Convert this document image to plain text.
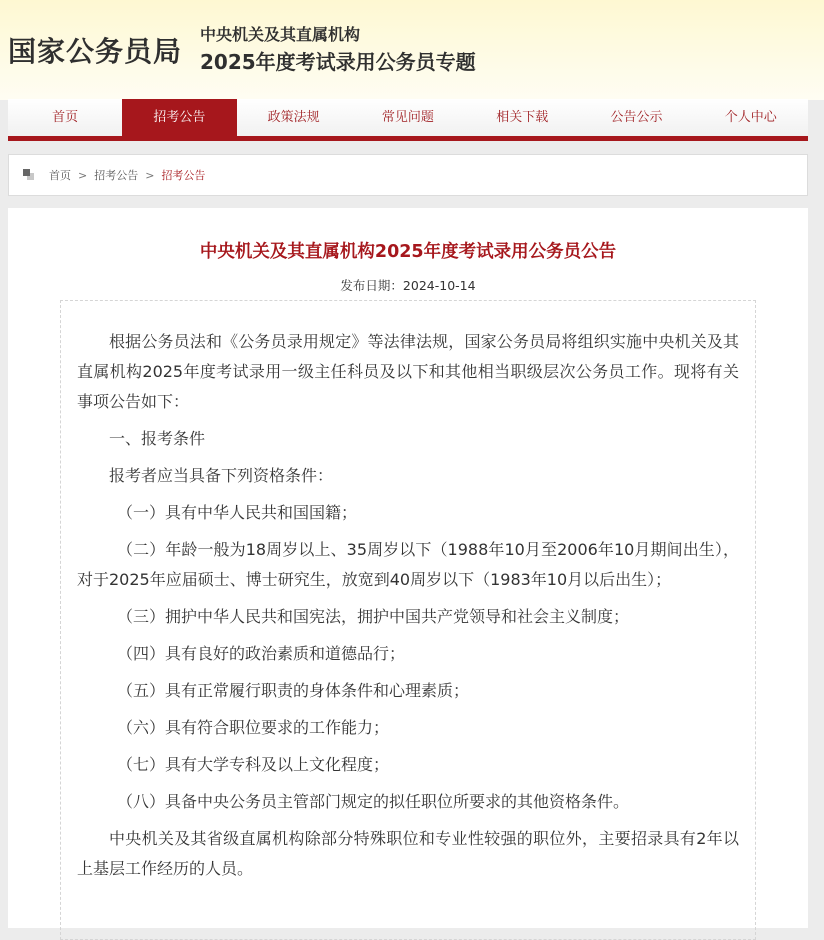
国家公务员局
中央机关及其直属机构
2025年度考试录用公务员专题
首页	招考公告	政策法规	常见问题	相关下载	公告公示	个人中心
首页 > 招考公告 > 招考公告
中央机关及其直属机构2025年度考试录用公务员公告
发布日期：2024-10-14

根据公务员法和《公务员录用规定》等法律法规，国家公务员局将组织实施中央机关及其直属机构2025年度考试录用一级主任科员及以下和其他相当职级层次公务员工作。现将有关事项公告如下：

一、报考条件

报考者应当具备下列资格条件：

（一）具有中华人民共和国国籍；

（二）年龄一般为18周岁以上、35周岁以下（1988年10月至2006年10月期间出生），对于2025年应届硕士、博士研究生，放宽到40周岁以下（1983年10月以后出生）；

（三）拥护中华人民共和国宪法，拥护中国共产党领导和社会主义制度；

（四）具有良好的政治素质和道德品行；

（五）具有正常履行职责的身体条件和心理素质；

（六）具有符合职位要求的工作能力；

（七）具有大学专科及以上文化程度；

（八）具备中央公务员主管部门规定的拟任职位所要求的其他资格条件。

中央机关及其省级直属机构除部分特殊职位和专业性较强的职位外，主要招录具有2年以上基层工作经历的人员。
